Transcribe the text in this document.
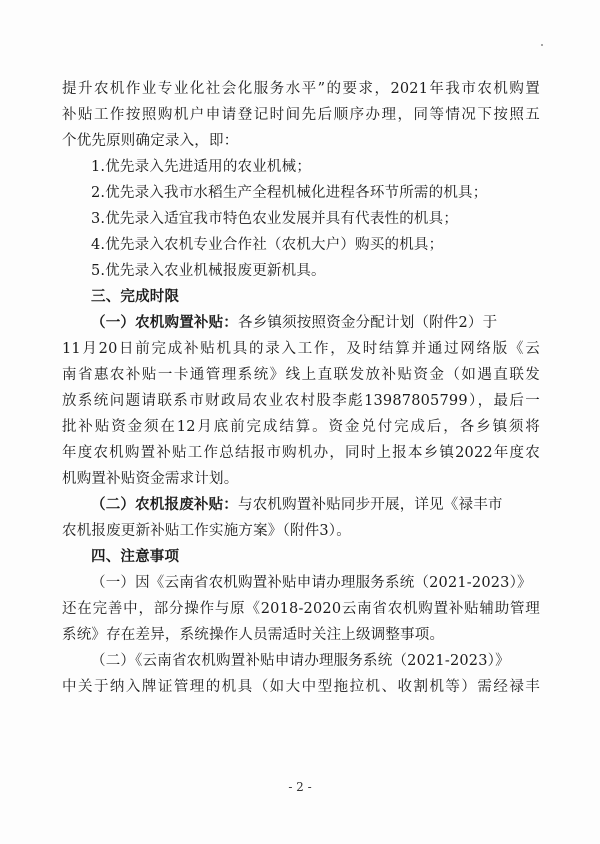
提升农机作业专业化社会化服务水平”的要求，2021年我市农机购置
补贴工作按照购机户申请登记时间先后顺序办理，同等情况下按照五
个优先原则确定录入，即：
1.优先录入先进适用的农业机械；
2.优先录入我市水稻生产全程机械化进程各环节所需的机具；
3.优先录入适宜我市特色农业发展并具有代表性的机具；
4.优先录入农机专业合作社（农机大户）购买的机具；
5.优先录入农业机械报废更新机具。
三、完成时限
（一）农机购置补贴：各乡镇须按照资金分配计划（附件2）于
11月20日前完成补贴机具的录入工作，及时结算并通过网络版《云
南省惠农补贴一卡通管理系统》线上直联发放补贴资金（如遇直联发
放系统问题请联系市财政局农业农村股李彪13987805799），最后一
批补贴资金须在12月底前完成结算。资金兑付完成后，各乡镇须将
年度农机购置补贴工作总结报市购机办，同时上报本乡镇2022年度农
机购置补贴资金需求计划。
（二）农机报废补贴：与农机购置补贴同步开展，详见《禄丰市
农机报废更新补贴工作实施方案》（附件3）。
四、注意事项
（一）因《云南省农机购置补贴申请办理服务系统（2021-2023）》
还在完善中，部分操作与原《2018-2020云南省农机购置补贴辅助管理
系统》存在差异，系统操作人员需适时关注上级调整事项。
（二）《云南省农机购置补贴申请办理服务系统（2021-2023）》
中关于纳入牌证管理的机具（如大中型拖拉机、收割机等）需经禄丰
- 2 -
